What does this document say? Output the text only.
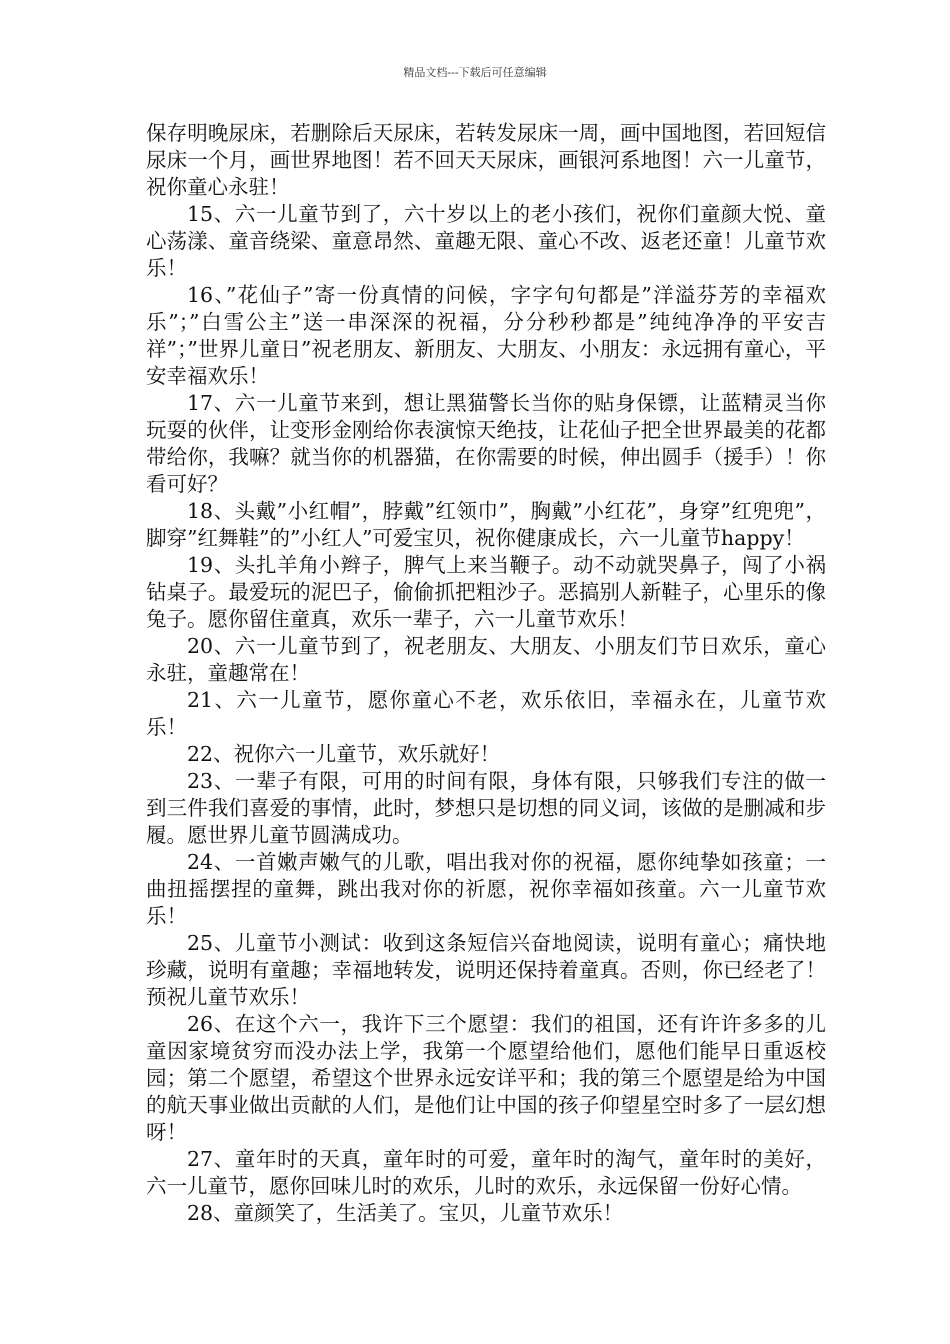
精品文档---下载后可任意编辑

保存明晚尿床，若删除后天尿床，若转发尿床一周，画中国地图，若回短信尿床一个月，画世界地图！若不回天天尿床，画银河系地图！六一儿童节，祝你童心永驻！

15、六一儿童节到了，六十岁以上的老小孩们，祝你们童颜大悦、童心荡漾、童音绕梁、童意昂然、童趣无限、童心不改、返老还童！儿童节欢乐！

16、”花仙子”寄一份真情的问候，字字句句都是”洋溢芬芳的幸福欢乐”；”白雪公主”送一串深深的祝福，分分秒秒都是”纯纯净净的平安吉祥”；”世界儿童日”祝老朋友、新朋友、大朋友、小朋友：永远拥有童心，平安幸福欢乐！

17、六一儿童节来到，想让黑猫警长当你的贴身保镖，让蓝精灵当你玩耍的伙伴，让变形金刚给你表演惊天绝技，让花仙子把全世界最美的花都带给你，我嘛？就当你的机器猫，在你需要的时候，伸出圆手（援手）！你看可好？

18、头戴”小红帽”，脖戴”红领巾”，胸戴”小红花”，身穿”红兜兜”，脚穿”红舞鞋”的”小红人”可爱宝贝，祝你健康成长，六一儿童节happy！

19、头扎羊角小辫子，脾气上来当鞭子。动不动就哭鼻子，闯了小祸钻桌子。最爱玩的泥巴子，偷偷抓把粗沙子。恶搞别人新鞋子，心里乐的像兔子。愿你留住童真，欢乐一辈子，六一儿童节欢乐！

20、六一儿童节到了，祝老朋友、大朋友、小朋友们节日欢乐，童心永驻，童趣常在！

21、六一儿童节，愿你童心不老，欢乐依旧，幸福永在，儿童节欢乐！

22、祝你六一儿童节，欢乐就好！

23、一辈子有限，可用的时间有限，身体有限，只够我们专注的做一到三件我们喜爱的事情，此时，梦想只是切想的同义词，该做的是删减和步履。愿世界儿童节圆满成功。

24、一首嫩声嫩气的儿歌，唱出我对你的祝福，愿你纯挚如孩童；一曲扭摇摆捏的童舞，跳出我对你的祈愿，祝你幸福如孩童。六一儿童节欢乐！

25、儿童节小测试：收到这条短信兴奋地阅读，说明有童心；痛快地珍藏，说明有童趣；幸福地转发，说明还保持着童真。否则，你已经老了！预祝儿童节欢乐！

26、在这个六一，我许下三个愿望：我们的祖国，还有许许多多的儿童因家境贫穷而没办法上学，我第一个愿望给他们，愿他们能早日重返校园；第二个愿望，希望这个世界永远安详平和；我的第三个愿望是给为中国的航天事业做出贡献的人们，是他们让中国的孩子仰望星空时多了一层幻想呀！

27、童年时的天真，童年时的可爱，童年时的淘气，童年时的美好，六一儿童节，愿你回味儿时的欢乐，儿时的欢乐，永远保留一份好心情。

28、童颜笑了，生活美了。宝贝，儿童节欢乐！
